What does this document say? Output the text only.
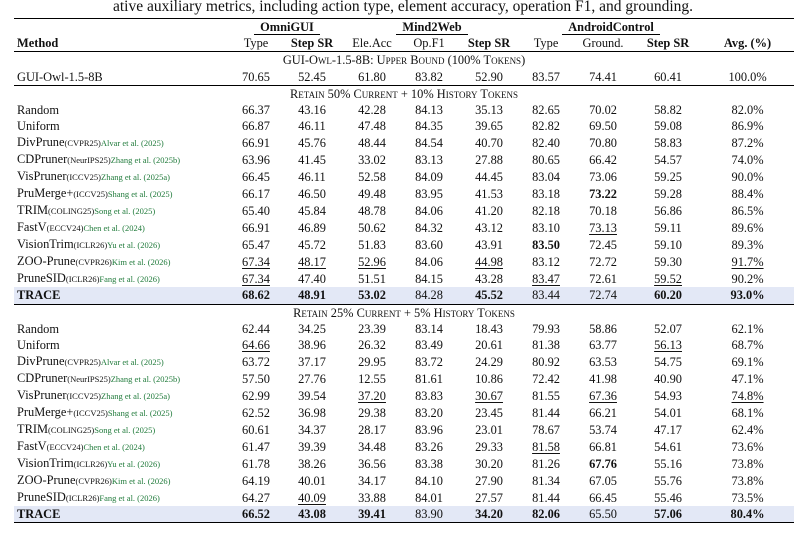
ative auxiliary metrics, including action type, element accuracy, operation F1, and grounding.
	OmniGUI		Mind2Web			AndroidControl			
Method	Type	Step SR	Ele.Acc	Op.F1	Step SR	Type	Ground.	Step SR	Avg. (%)
GUI-Owl-1.5-8B: Upper Bound (100% Tokens)									
GUI-Owl-1.5-8B	70.65	52.45	61.80	83.82	52.90	83.57	74.41	60.41	100.0%
Retain 50% Current + 10% History Tokens									
Random	66.37	43.16	42.28	84.13	35.13	82.65	70.02	58.82	82.0%
Uniform	66.87	46.11	47.48	84.35	39.65	82.82	69.50	59.08	86.9%
DivPrune(CVPR25)Alvar et al. (2025)	66.91	45.76	48.44	84.54	40.70	82.40	70.80	58.83	87.2%
CDPruner(NeurIPS25)Zhang et al. (2025b)	63.96	41.45	33.02	83.13	27.88	80.65	66.42	54.57	74.0%
VisPruner(ICCV25)Zhang et al. (2025a)	66.45	46.11	52.58	84.09	44.45	83.04	73.06	59.25	90.0%
PruMerge+(ICCV25)Shang et al. (2025)	66.17	46.50	49.48	83.95	41.53	83.18	73.22	59.28	88.4%
TRIM(COLING25)Song et al. (2025)	65.40	45.84	48.78	84.06	41.20	82.18	70.18	56.86	86.5%
FastV(ECCV24)Chen et al. (2024)	66.91	46.89	50.62	84.32	43.12	83.10	73.13	59.11	89.6%
VisionTrim(ICLR26)Yu et al. (2026)	65.47	45.72	51.83	83.60	43.91	83.50	72.45	59.10	89.3%
ZOO-Prune(CVPR26)Kim et al. (2026)	67.34	48.17	52.96	84.06	44.98	83.12	72.72	59.30	91.7%
PruneSID(ICLR26)Fang et al. (2026)	67.34	47.40	51.51	84.15	43.28	83.47	72.61	59.52	90.2%
TRACE	68.62	48.91	53.02	84.28	45.52	83.44	72.74	60.20	93.0%
Retain 25% Current + 5% History Tokens									
Random	62.44	34.25	23.39	83.14	18.43	79.93	58.86	52.07	62.1%
Uniform	64.66	38.96	26.32	83.49	20.61	81.38	63.77	56.13	68.7%
DivPrune(CVPR25)Alvar et al. (2025)	63.72	37.17	29.95	83.72	24.29	80.92	63.53	54.75	69.1%
CDPruner(NeurIPS25)Zhang et al. (2025b)	57.50	27.76	12.55	81.61	10.86	72.42	41.98	40.90	47.1%
VisPruner(ICCV25)Zhang et al. (2025a)	62.99	39.54	37.20	83.83	30.67	81.55	67.36	54.93	74.8%
PruMerge+(ICCV25)Shang et al. (2025)	62.52	36.98	29.38	83.20	23.45	81.44	66.21	54.01	68.1%
TRIM(COLING25)Song et al. (2025)	60.61	34.37	28.17	83.96	23.01	78.67	53.74	47.17	62.4%
FastV(ECCV24)Chen et al. (2024)	61.47	39.39	34.48	83.26	29.33	81.58	66.81	54.61	73.6%
VisionTrim(ICLR26)Yu et al. (2026)	61.78	38.26	36.56	83.38	30.20	81.26	67.76	55.16	73.8%
ZOO-Prune(CVPR26)Kim et al. (2026)	64.19	40.01	34.17	84.10	27.90	81.34	67.05	55.76	73.8%
PruneSID(ICLR26)Fang et al. (2026)	64.27	40.09	33.88	84.01	27.57	81.44	66.45	55.46	73.5%
TRACE	66.52	43.08	39.41	83.90	34.20	82.06	65.50	57.06	80.4%
